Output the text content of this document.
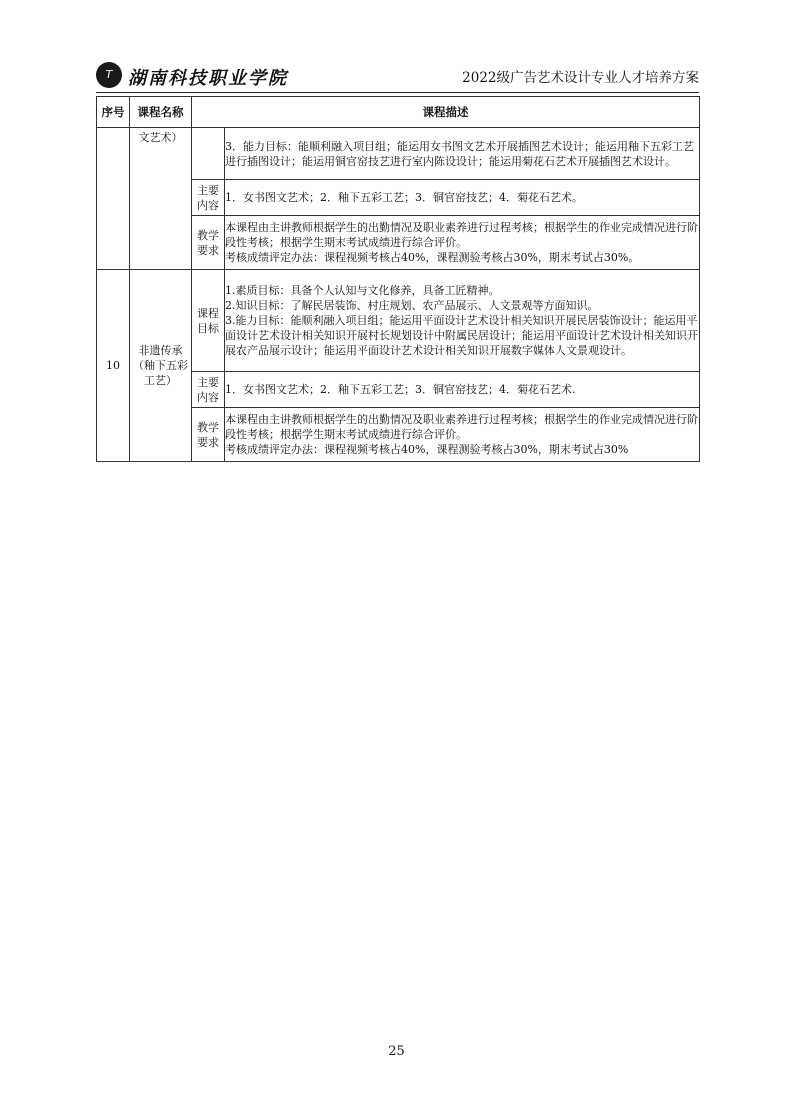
T 湖南科技职业学院	2022级广告艺术设计专业人才培养方案
序号	课程名称	课程描述	
	文艺术）		3．能力目标：能顺利融入项目组；能运用女书图文艺术开展插图艺术设计；能运用釉下五彩工艺进行插图设计；能运用铜官窑技艺进行室内陈设设计；能运用菊花石艺术开展插图艺术设计。
		主要内容	1．女书图文艺术；2．釉下五彩工艺；3．铜官窑技艺；4．菊花石艺术。
		教学要求	本课程由主讲教师根据学生的出勤情况及职业素养进行过程考核；根据学生的作业完成情况进行阶段性考核；根据学生期末考试成绩进行综合评价。
考核成绩评定办法：课程视频考核占40%，课程测验考核占30%，期末考试占30%。

10	非遗传承（釉下五彩工艺）	课程目标	1.素质目标：具备个人认知与文化修养，具备工匠精神。
2.知识目标：了解民居装饰、村庄规划、农产品展示、人文景观等方面知识。
3.能力目标：能顺利融入项目组；能运用平面设计艺术设计相关知识开展民居装饰设计；能运用平面设计艺术设计相关知识开展村长规划设计中附属民居设计；能运用平面设计艺术设计相关知识开展农产品展示设计；能运用平面设计艺术设计相关知识开展数字媒体人文景观设计。

		主要内容	1．女书图文艺术；2．釉下五彩工艺；3．铜官窑技艺；4．菊花石艺术.
		教学要求	本课程由主讲教师根据学生的出勤情况及职业素养进行过程考核；根据学生的作业完成情况进行阶段性考核；根据学生期末考试成绩进行综合评价。
考核成绩评定办法：课程视频考核占40%，课程测验考核占30%，期末考试占30%
25
